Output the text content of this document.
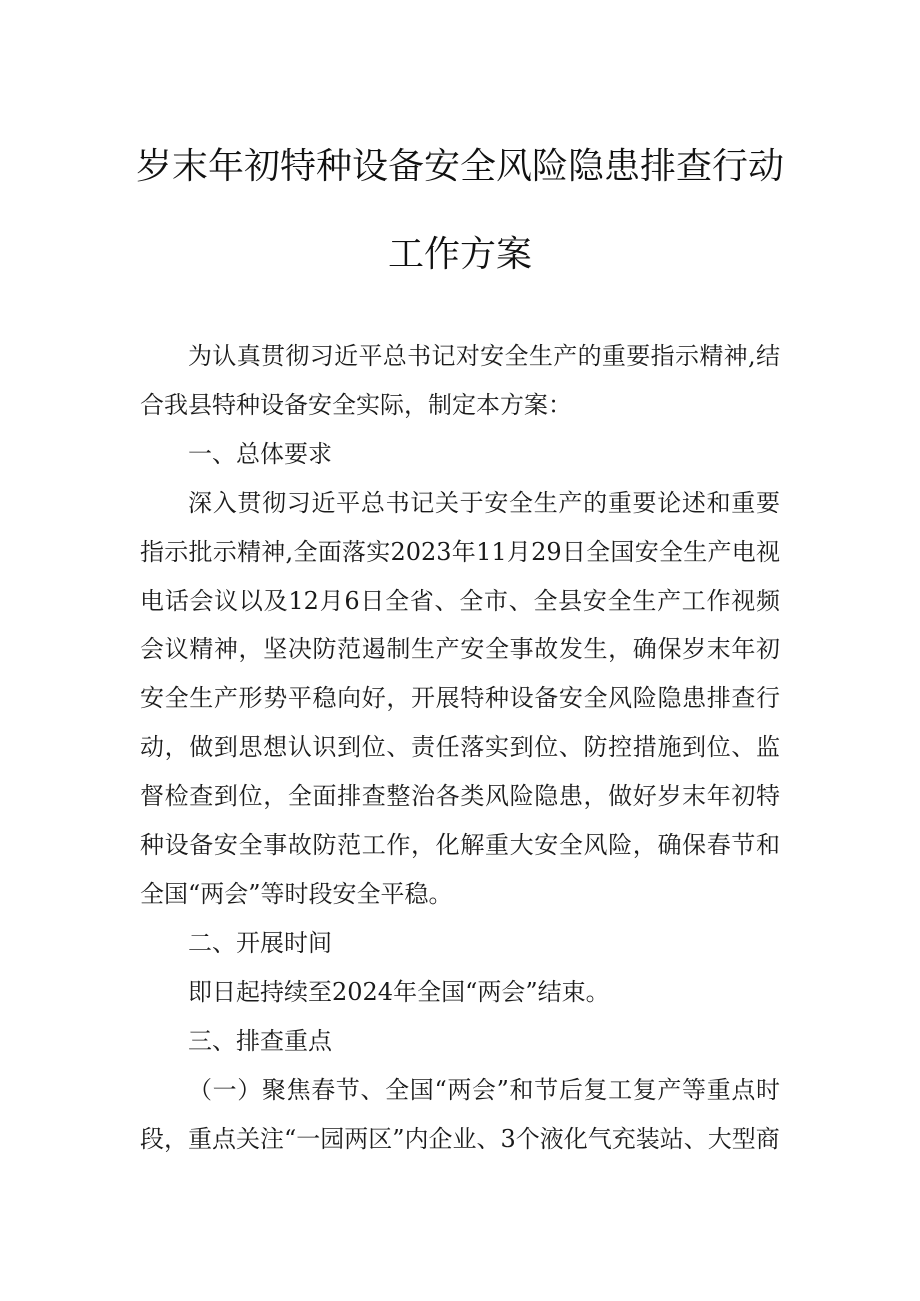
岁末年初特种设备安全风险隐患排查行动
工作方案

为认真贯彻习近平总书记对安全生产的重要指示精神,结合我县特种设备安全实际，制定本方案：

一、总体要求

深入贯彻习近平总书记关于安全生产的重要论述和重要指示批示精神,全面落实2023年11月29日全国安全生产电视电话会议以及12月6日全省、全市、全县安全生产工作视频会议精神，坚决防范遏制生产安全事故发生，确保岁末年初安全生产形势平稳向好，开展特种设备安全风险隐患排查行动，做到思想认识到位、责任落实到位、防控措施到位、监督检查到位，全面排查整治各类风险隐患，做好岁末年初特种设备安全事故防范工作，化解重大安全风险，确保春节和全国“两会”等时段安全平稳。

二、开展时间

即日起持续至2024年全国“两会”结束。

三、排查重点

（一）聚焦春节、全国“两会”和节后复工复产等重点时段，重点关注“一园两区”内企业、3个液化气充装站、大型商
